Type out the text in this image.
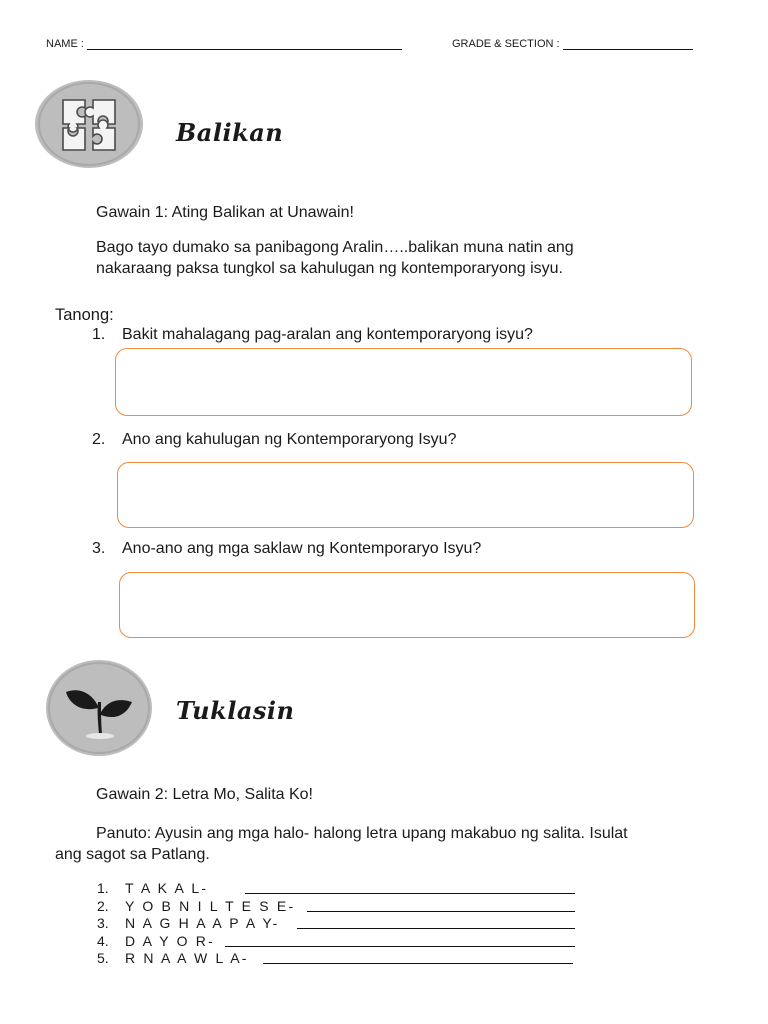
NAME :	GRADE & SECTION :
Balikan
Gawain 1: Ating Balikan at Unawain!
Bago tayo dumako sa panibagong Aralin…..balikan muna natin ang
nakaraang paksa tungkol sa kahulugan ng kontemporaryong isyu.
Tanong:
1. Bakit mahalagang pag-aralan ang kontemporaryong isyu?
2. Ano ang kahulugan ng Kontemporaryong Isyu?
3. Ano-ano ang mga saklaw ng Kontemporaryo Isyu?
Tuklasin
Gawain 2: Letra Mo, Salita Ko!
Panuto: Ayusin ang mga halo- halong letra upang makabuo ng salita. Isulat
ang sagot sa Patlang.
1. T A K A L-
2. Y O B N I L T E S E-
3. N A G H A A P A Y-
4. D A Y O R-
5. R N A A W L A-
